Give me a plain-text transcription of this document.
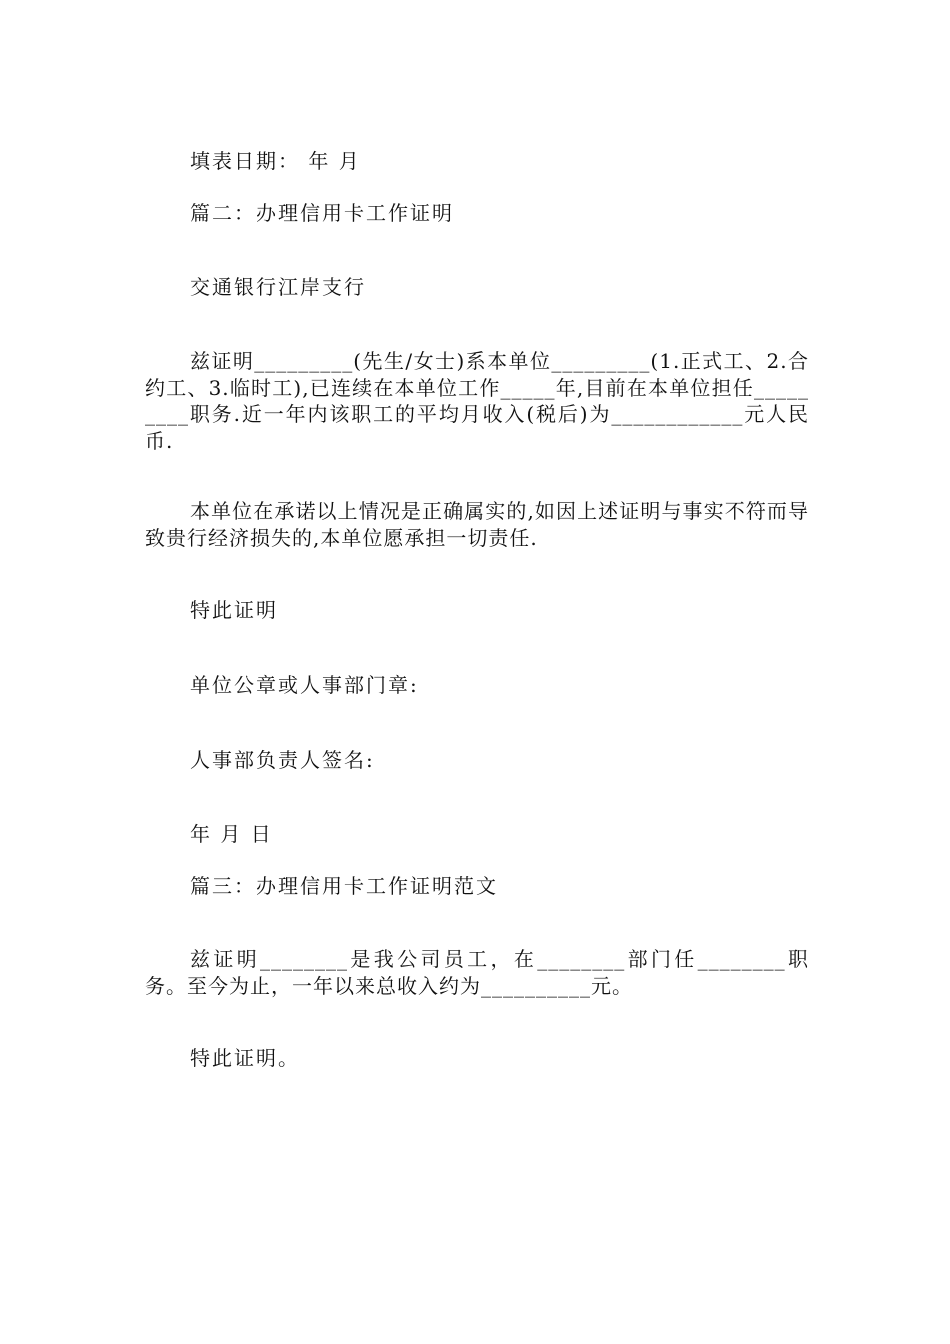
填表日期： 年 月
篇二：办理信用卡工作证明
交通银行江岸支行
兹证明_________(先生/女士)系本单位_________(1.正式工、2.合约工、3.临时工),已连续在本单位工作_____年,目前在本单位担任_________职务.近一年内该职工的平均月收入(税后)为____________元人民币.
本单位在承诺以上情况是正确属实的,如因上述证明与事实不符而导致贵行经济损失的,本单位愿承担一切责任.
特此证明
单位公章或人事部门章:
人事部负责人签名:
年 月 日
篇三：办理信用卡工作证明范文
兹证明________是我公司员工，在________部门任________职务。至今为止，一年以来总收入约为__________元。
特此证明。
